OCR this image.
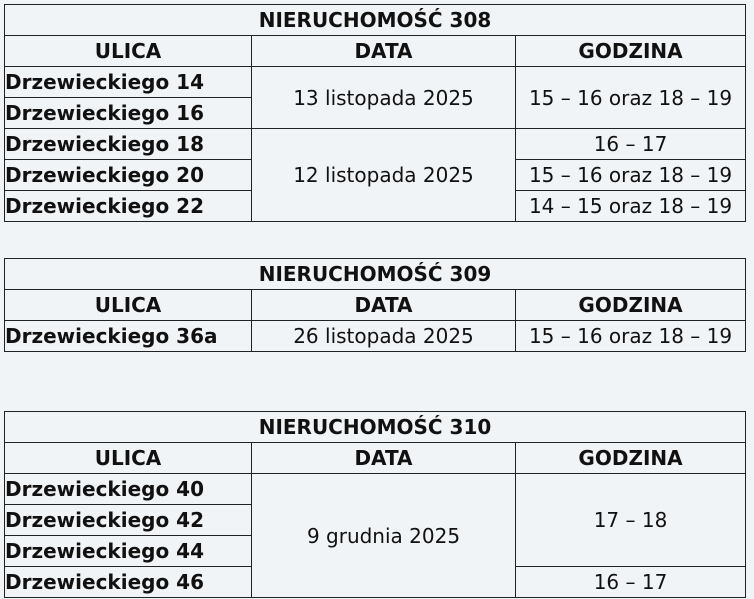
NIERUCHOMOŚĆ 308		
ULICA	DATA	GODZINA
Drzewieckiego 14	13 listopada 2025	15 – 16 oraz 18 – 19
Drzewieckiego 16		
Drzewieckiego 18	12 listopada 2025	16 – 17
Drzewieckiego 20		15 – 16 oraz 18 – 19
Drzewieckiego 22		14 – 15 oraz 18 – 19
NIERUCHOMOŚĆ 309		
ULICA	DATA	GODZINA
Drzewieckiego 36a	26 listopada 2025	15 – 16 oraz 18 – 19
NIERUCHOMOŚĆ 310		
ULICA	DATA	GODZINA
Drzewieckiego 40	9 grudnia 2025	17 – 18
Drzewieckiego 42		
Drzewieckiego 44		
Drzewieckiego 46		16 – 17
